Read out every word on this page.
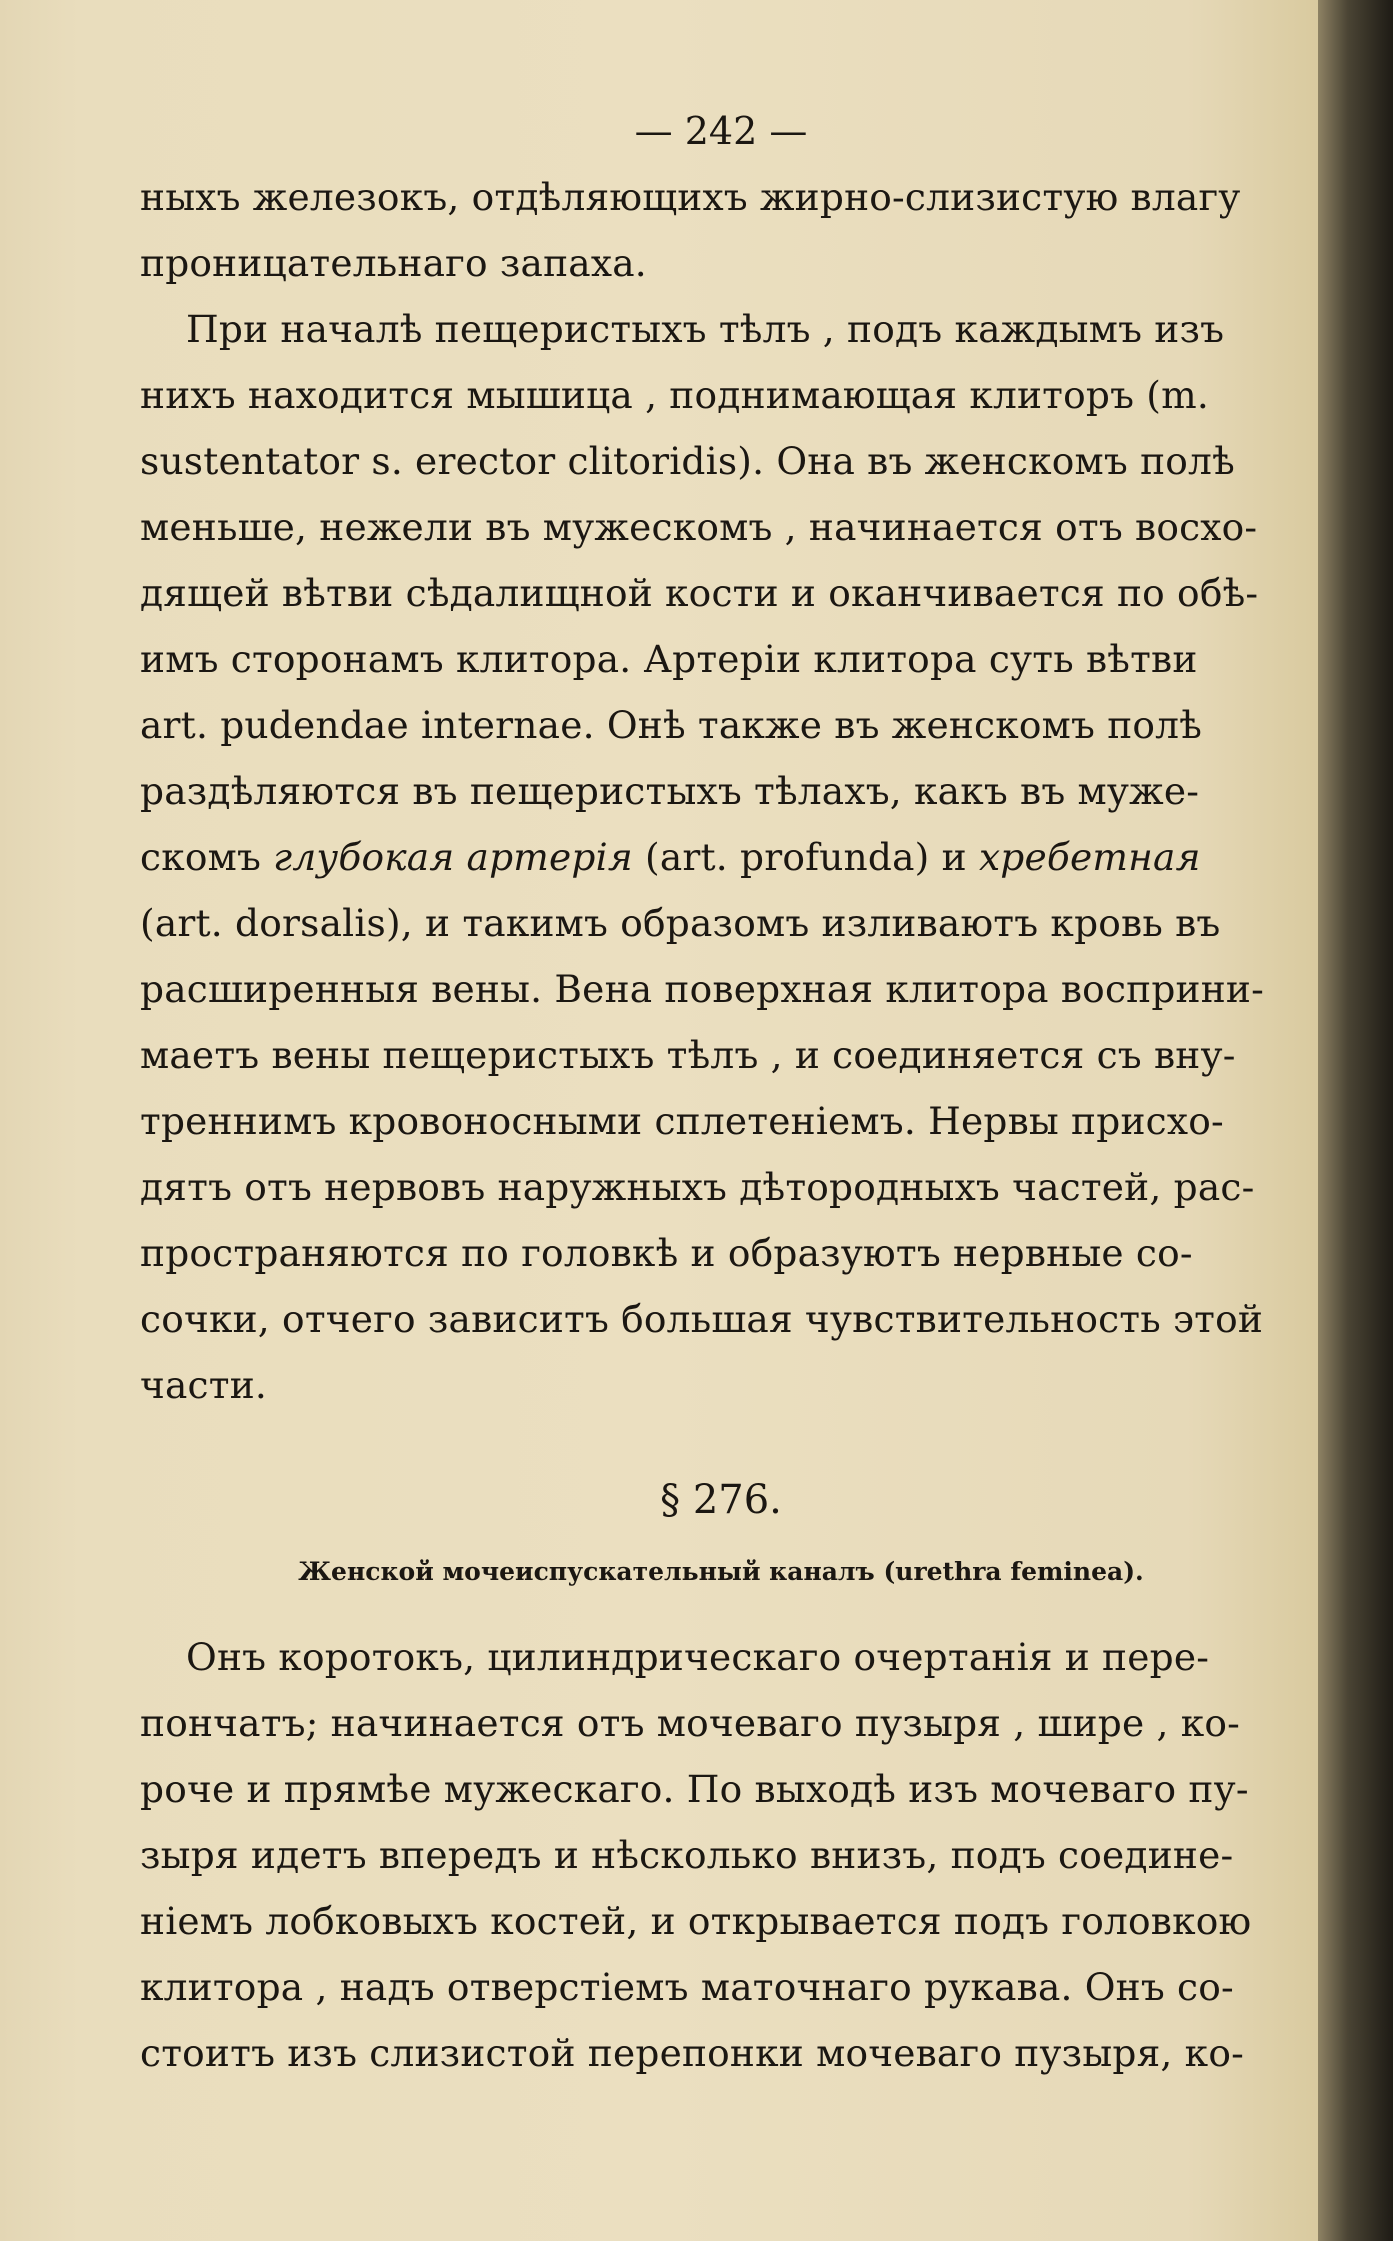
— 242 —
ныхъ железокъ, отдѣляющихъ жирно-слизистую влагу
проницательнаго запаха.
При началѣ пещеристыхъ тѣлъ , подъ каждымъ изъ
нихъ находится мышица , поднимающая клиторъ (m.
sustentator s. erector clitoridis). Она въ женскомъ полѣ
меньше, нежели въ мужескомъ , начинается отъ восхо-
дящей вѣтви сѣдалищной кости и оканчивается по обѣ-
имъ сторонамъ клитора. Артеріи клитора суть вѣтви
art. pudendae internae. Онѣ также въ женскомъ полѣ
раздѣляются въ пещеристыхъ тѣлахъ, какъ въ муже-
скомъ глубокая артерія (art. profunda) и хребетная
(art. dorsalis), и такимъ образомъ изливаютъ кровь въ
расширенныя вены. Вена поверхная клитора восприни-
маетъ вены пещеристыхъ тѣлъ , и соединяется съ вну-
треннимъ кровоносными сплетеніемъ. Нервы присхо-
дятъ отъ нервовъ наружныхъ дѣтородныхъ частей, рас-
пространяются по головкѣ и образуютъ нервные со-
сочки, отчего зависитъ большая чувствительность этой
части.
§ 276.
Женской мочеиспускательный каналъ (urethra feminea).
Онъ коротокъ, цилиндрическаго очертанія и пере-
пончатъ; начинается отъ мочеваго пузыря , шире , ко-
роче и прямѣе мужескаго. По выходѣ изъ мочеваго пу-
зыря идетъ впередъ и нѣсколько внизъ, подъ соедине-
ніемъ лобковыхъ костей, и открывается подъ головкою
клитора , надъ отверстіемъ маточнаго рукава. Онъ со-
стоитъ изъ слизистой перепонки мочеваго пузыря, ко-
